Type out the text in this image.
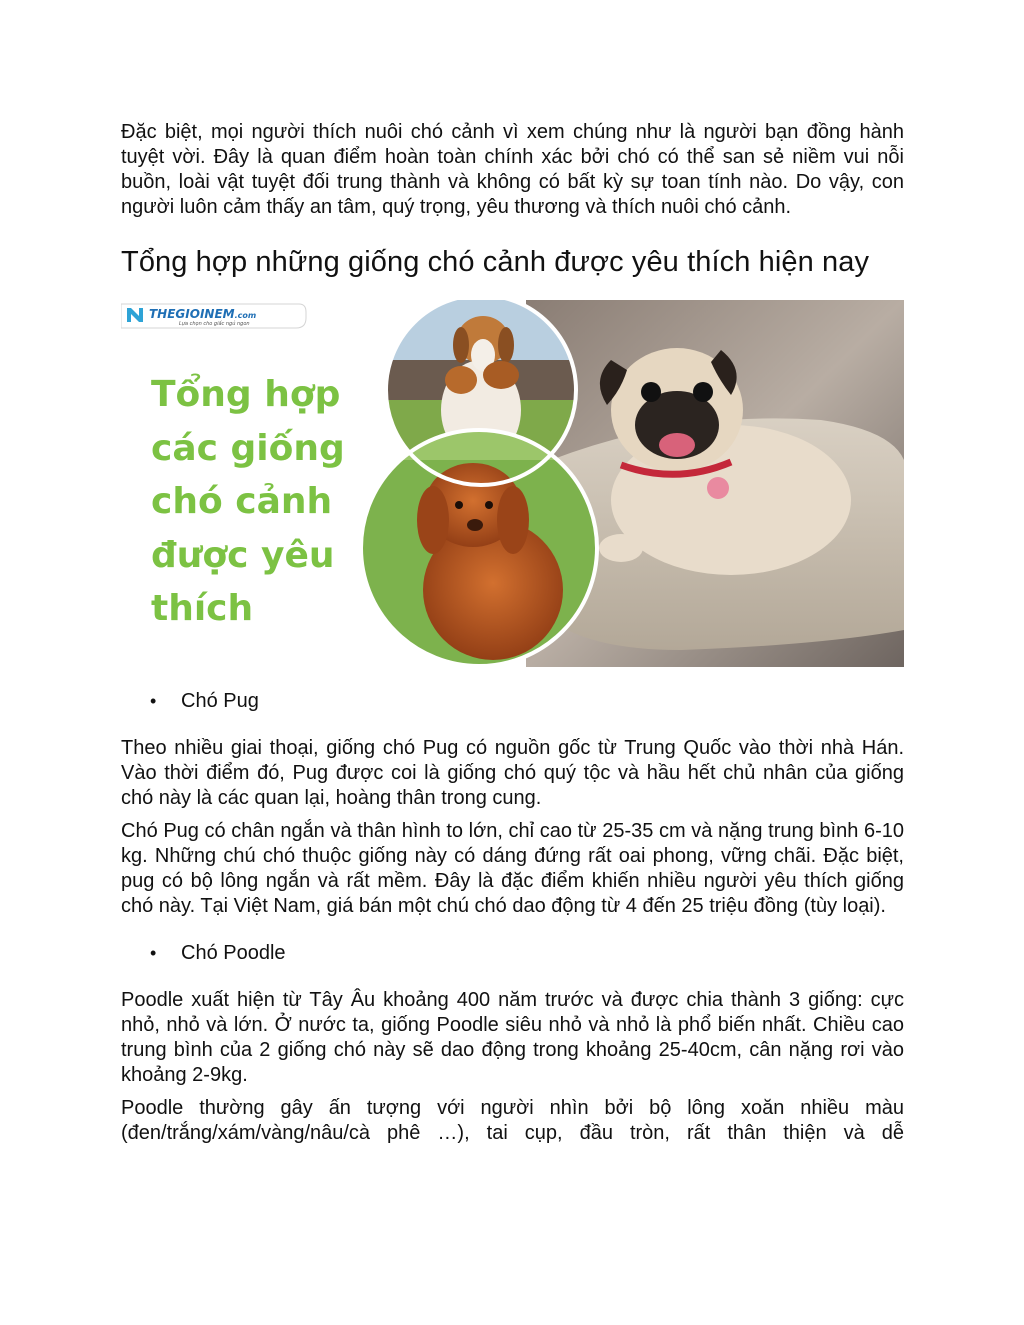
Đặc biệt, mọi người thích nuôi chó cảnh vì xem chúng như là người bạn đồng hành tuyệt vời. Đây là quan điểm hoàn toàn chính xác bởi chó có thể san sẻ niềm vui nỗi buồn, loài vật tuyệt đối trung thành và không có bất kỳ sự toan tính nào. Do vậy, con người luôn cảm thấy an tâm, quý trọng, yêu thương và thích nuôi chó cảnh.

Tổng hợp những giống chó cảnh được yêu thích hiện nay
THEGIOINEM.com
Lựa chọn cho giấc ngủ ngon
Tổng hợp
các giống
chó cảnh
được yêu
thích
• Chó Pug

Theo nhiều giai thoại, giống chó Pug có nguồn gốc từ Trung Quốc vào thời nhà Hán. Vào thời điểm đó, Pug được coi là giống chó quý tộc và hầu hết chủ nhân của giống chó này là các quan lại, hoàng thân trong cung.

Chó Pug có chân ngắn và thân hình to lớn, chỉ cao từ 25-35 cm và nặng trung bình 6-10 kg. Những chú chó thuộc giống này có dáng đứng rất oai phong, vững chãi. Đặc biệt, pug có bộ lông ngắn và rất mềm. Đây là đặc điểm khiến nhiều người yêu thích giống chó này. Tại Việt Nam, giá bán một chú chó dao động từ 4 đến 25 triệu đồng (tùy loại).

• Chó Poodle

Poodle xuất hiện từ Tây Âu khoảng 400 năm trước và được chia thành 3 giống: cực nhỏ, nhỏ và lớn. Ở nước ta, giống Poodle siêu nhỏ và nhỏ là phổ biến nhất. Chiều cao trung bình của 2 giống chó này sẽ dao động trong khoảng 25-40cm, cân nặng rơi vào khoảng 2-9kg.

Poodle thường gây ấn tượng với người nhìn bởi bộ lông xoăn nhiều màu (đen/trắng/xám/vàng/nâu/cà phê …), tai cụp, đầu tròn, rất thân thiện và dễ
